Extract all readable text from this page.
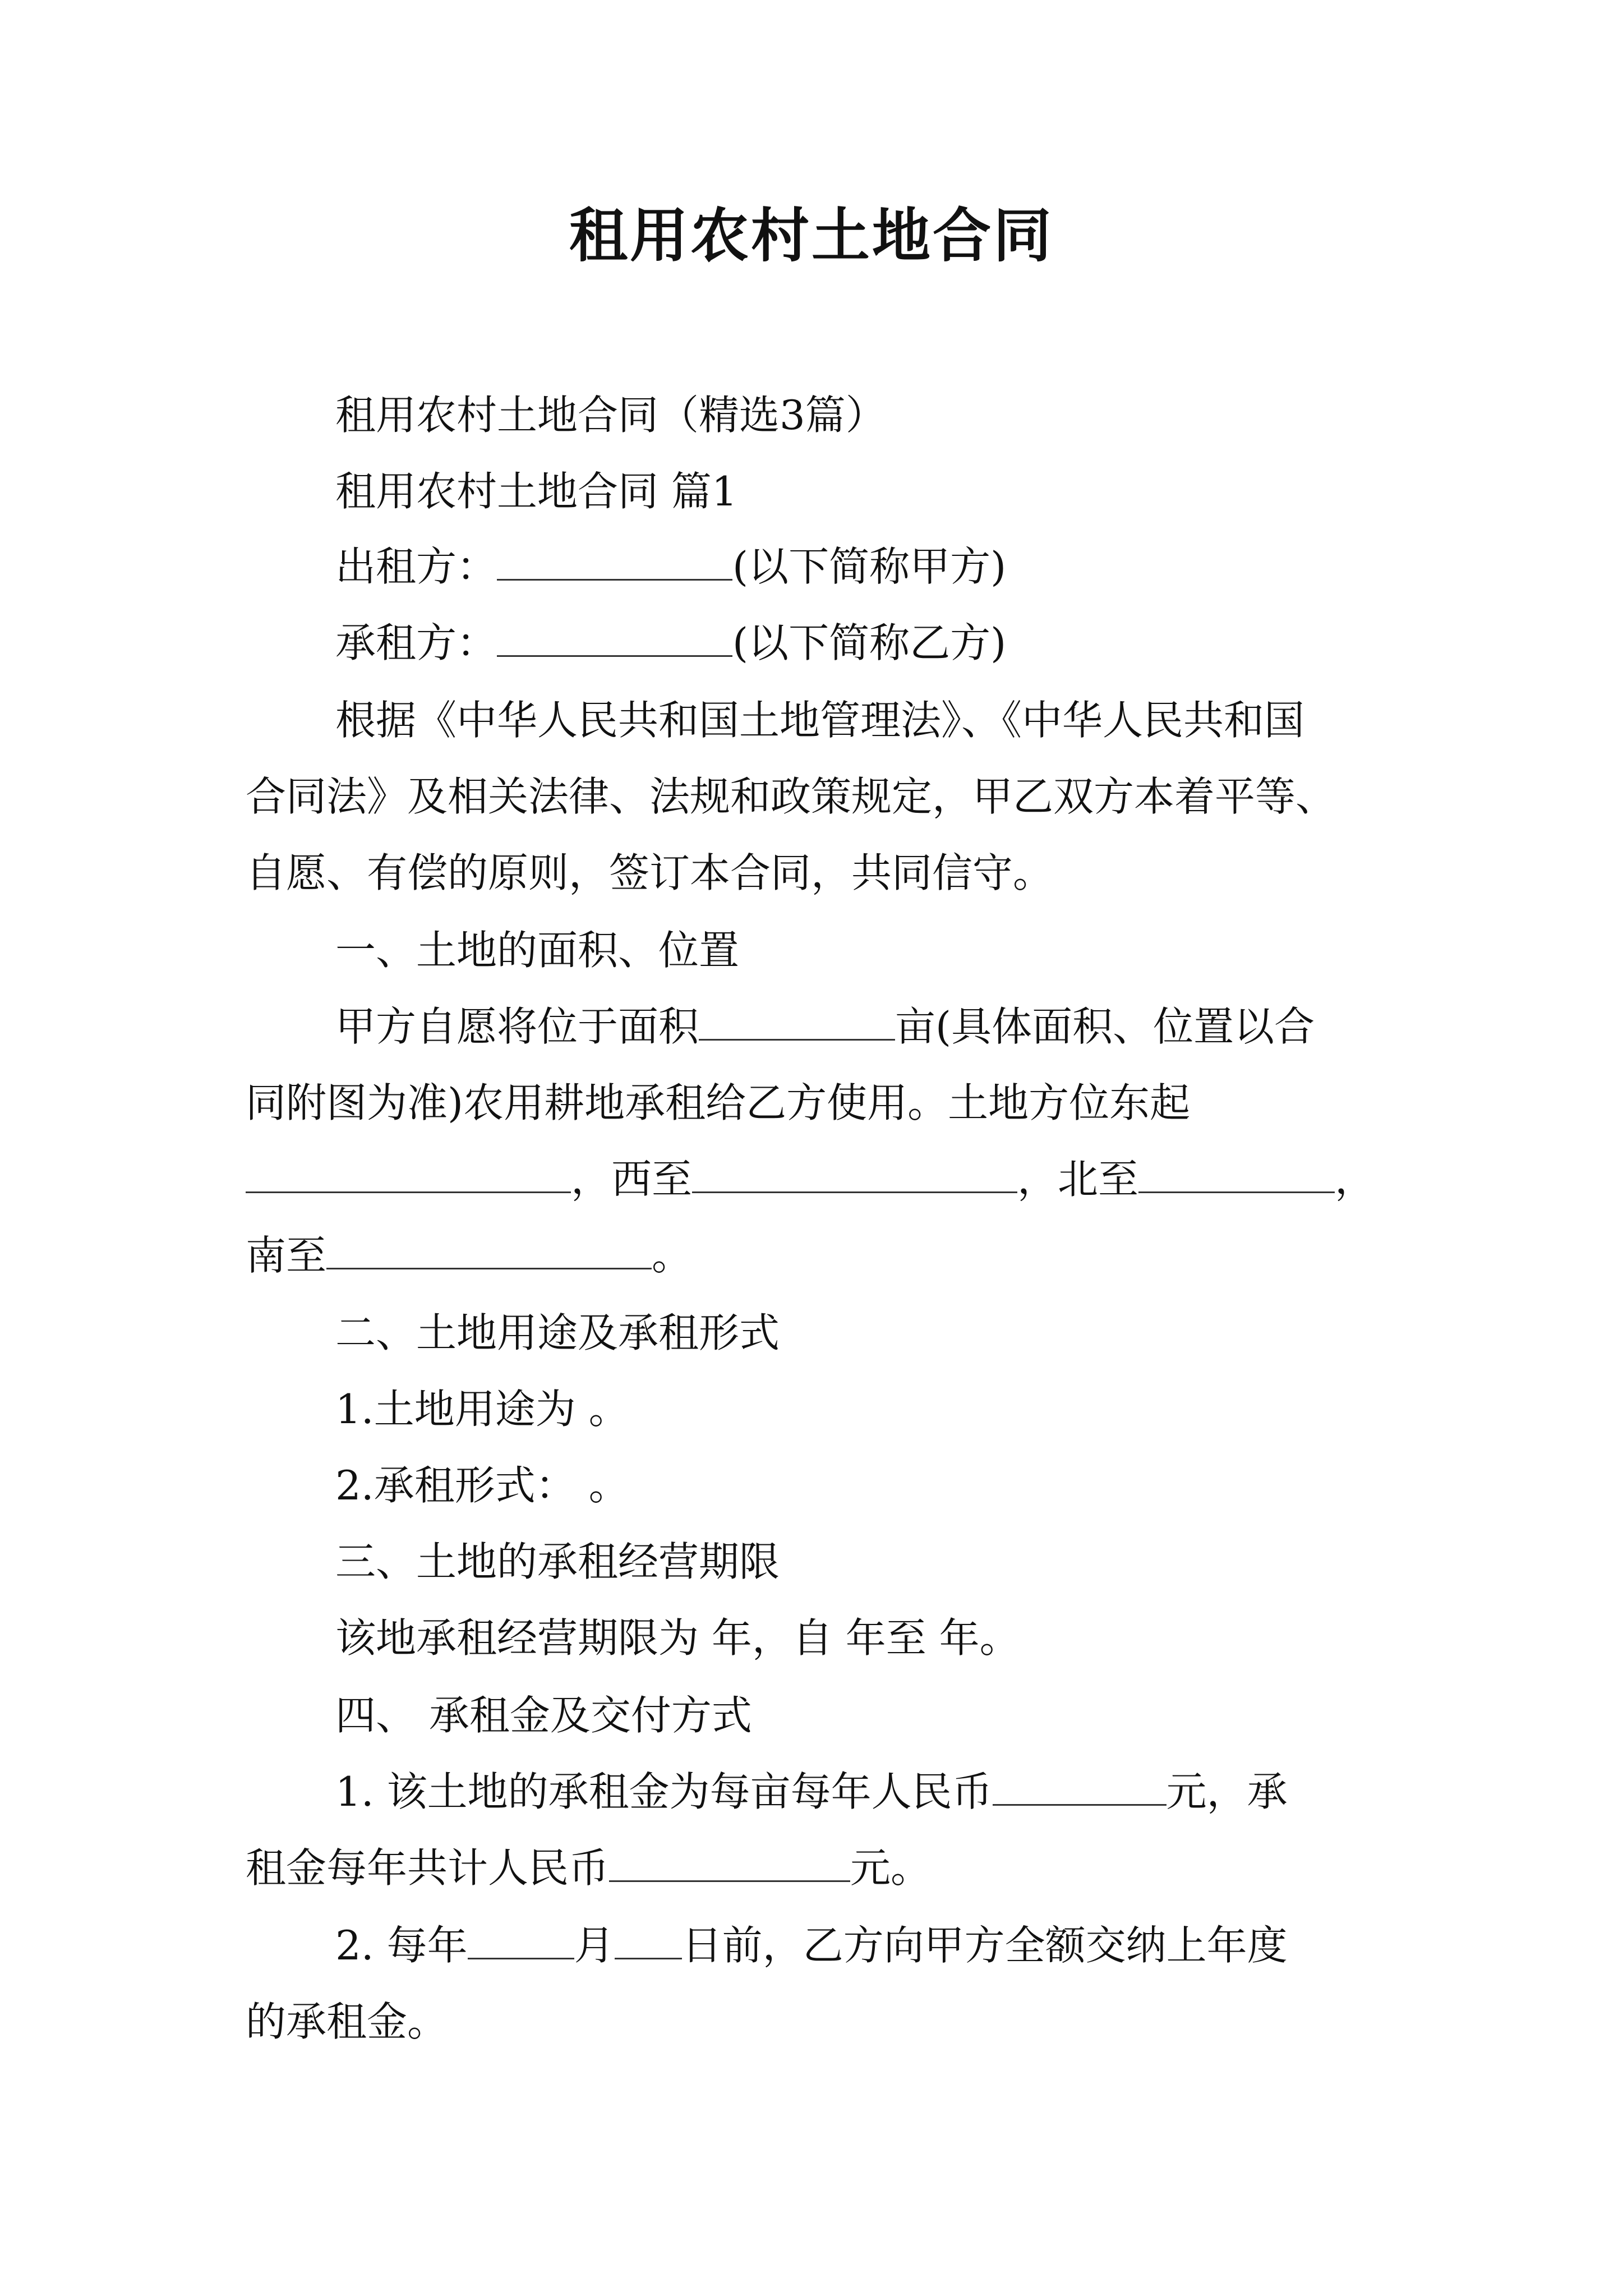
租用农村土地合同
租用农村土地合同（精选3篇）
租用农村土地合同 篇1
出租方：	(以下简称甲方)
承租方：	(以下简称乙方)
根据《中华人民共和国土地管理法》、《中华人民共和国
合同法》及相关法律、法规和政策规定，甲乙双方本着平等、
自愿、有偿的原则，签订本合同，共同信守。
一、土地的面积、位置
甲方自愿将位于面积	亩(具体面积、位置以合
同附图为准)农用耕地承租给乙方使用。土地方位东起
，西至	，北至	，
南至	。
二、土地用途及承租形式
1.土地用途为 。
2.承租形式： 。
三、土地的承租经营期限
该地承租经营期限为 年，自 年至 年。
四、 承租金及交付方式
1. 该土地的承租金为每亩每年人民币	元，承
租金每年共计人民币	元。
2. 每年	月 日前，乙方向甲方全额交纳上年度
的承租金。
